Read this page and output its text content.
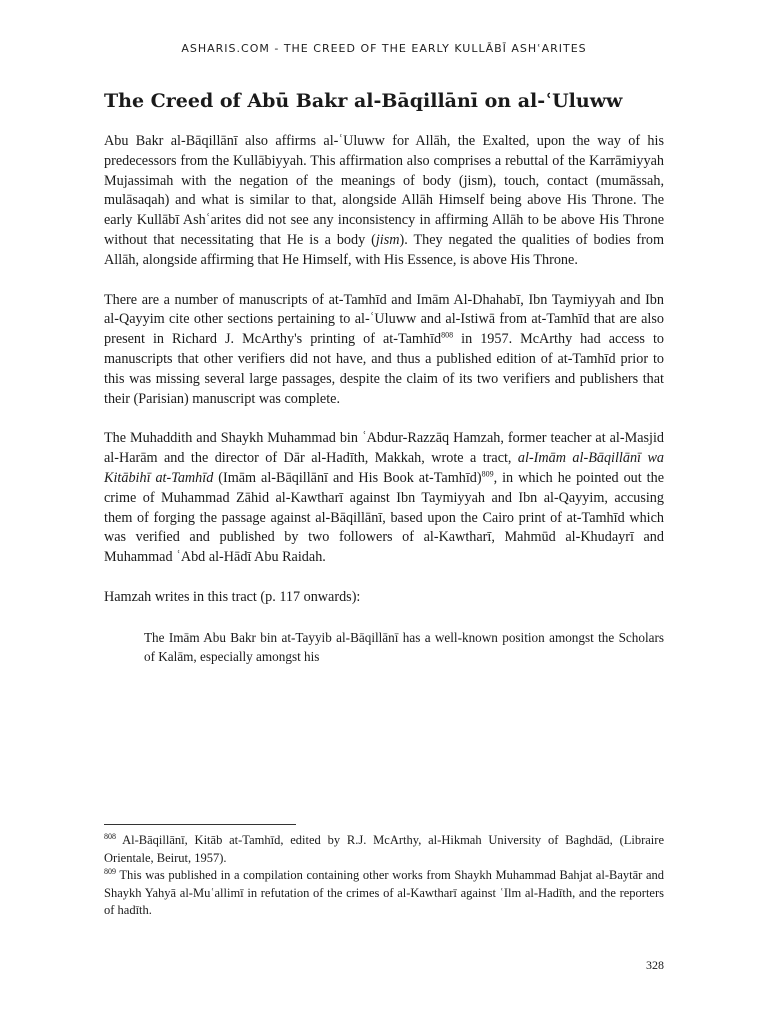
ASHARIS.COM - THE CREED OF THE EARLY KULLĀBĪ ASHʿARITES
The Creed of Abū Bakr al-Bāqillānī on al-ʿUluww

Abu Bakr al-Bāqillānī also affirms al-ʿUluww for Allāh, the Exalted, upon the way of his predecessors from the Kullābiyyah. This affirmation also comprises a rebuttal of the Karrāmiyyah Mujassimah with the negation of the meanings of body (jism), touch, contact (mumāssah, mulāsaqah) and what is similar to that, alongside Allāh Himself being above His Throne. The early Kullābī Ashʿarites did not see any inconsistency in affirming Allāh to be above His Throne without that necessitating that He is a body (jism). They negated the qualities of bodies from Allāh, alongside affirming that He Himself, with His Essence, is above His Throne.

There are a number of manuscripts of at-Tamhīd and Imām Al-Dhahabī, Ibn Taymiyyah and Ibn al-Qayyim cite other sections pertaining to al-ʿUluww and al-Istiwā from at-Tamhīd that are also present in Richard J. McArthy's printing of at-Tamhīd$^{808}$ in 1957. McArthy had access to manuscripts that other verifiers did not have, and thus a published edition of at-Tamhīd prior to this was missing several large passages, despite the claim of its two verifiers and publishers that their (Parisian) manuscript was complete.

The Muhaddith and Shaykh Muhammad bin ʿAbdur-Razzāq Hamzah, former teacher at al-Masjid al-Harām and the director of Dār al-Hadīth, Makkah, wrote a tract, al-Imām al-Bāqillānī wa Kitābihī at-Tamhīd (Imām al-Bāqillānī and His Book at-Tamhīd)$^{809}$, in which he pointed out the crime of Muhammad Zāhid al-Kawtharī against Ibn Taymiyyah and Ibn al-Qayyim, accusing them of forging the passage against al-Bāqillānī, based upon the Cairo print of at-Tamhīd which was verified and published by two followers of al-Kawtharī, Mahmūd al-Khudayrī and Muhammad ʿAbd al-Hādī Abu Raidah.

Hamzah writes in this tract (p. 117 onwards):

The Imām Abu Bakr bin at-Tayyib al-Bāqillānī has a well-known position amongst the Scholars of Kalām, especially amongst his

$^{808}$ Al-Bāqillānī, Kitāb at-Tamhīd, edited by R.J. McArthy, al-Hikmah University of Baghdād, (Libraire Orientale, Beirut, 1957).

$^{809}$ This was published in a compilation containing other works from Shaykh Muhammad Bahjat al-Baytār and Shaykh Yahyā al-Muʿallimī in refutation of the crimes of al-Kawtharī against ʿIlm al-Hadīth, and the reporters of hadīth.

328
